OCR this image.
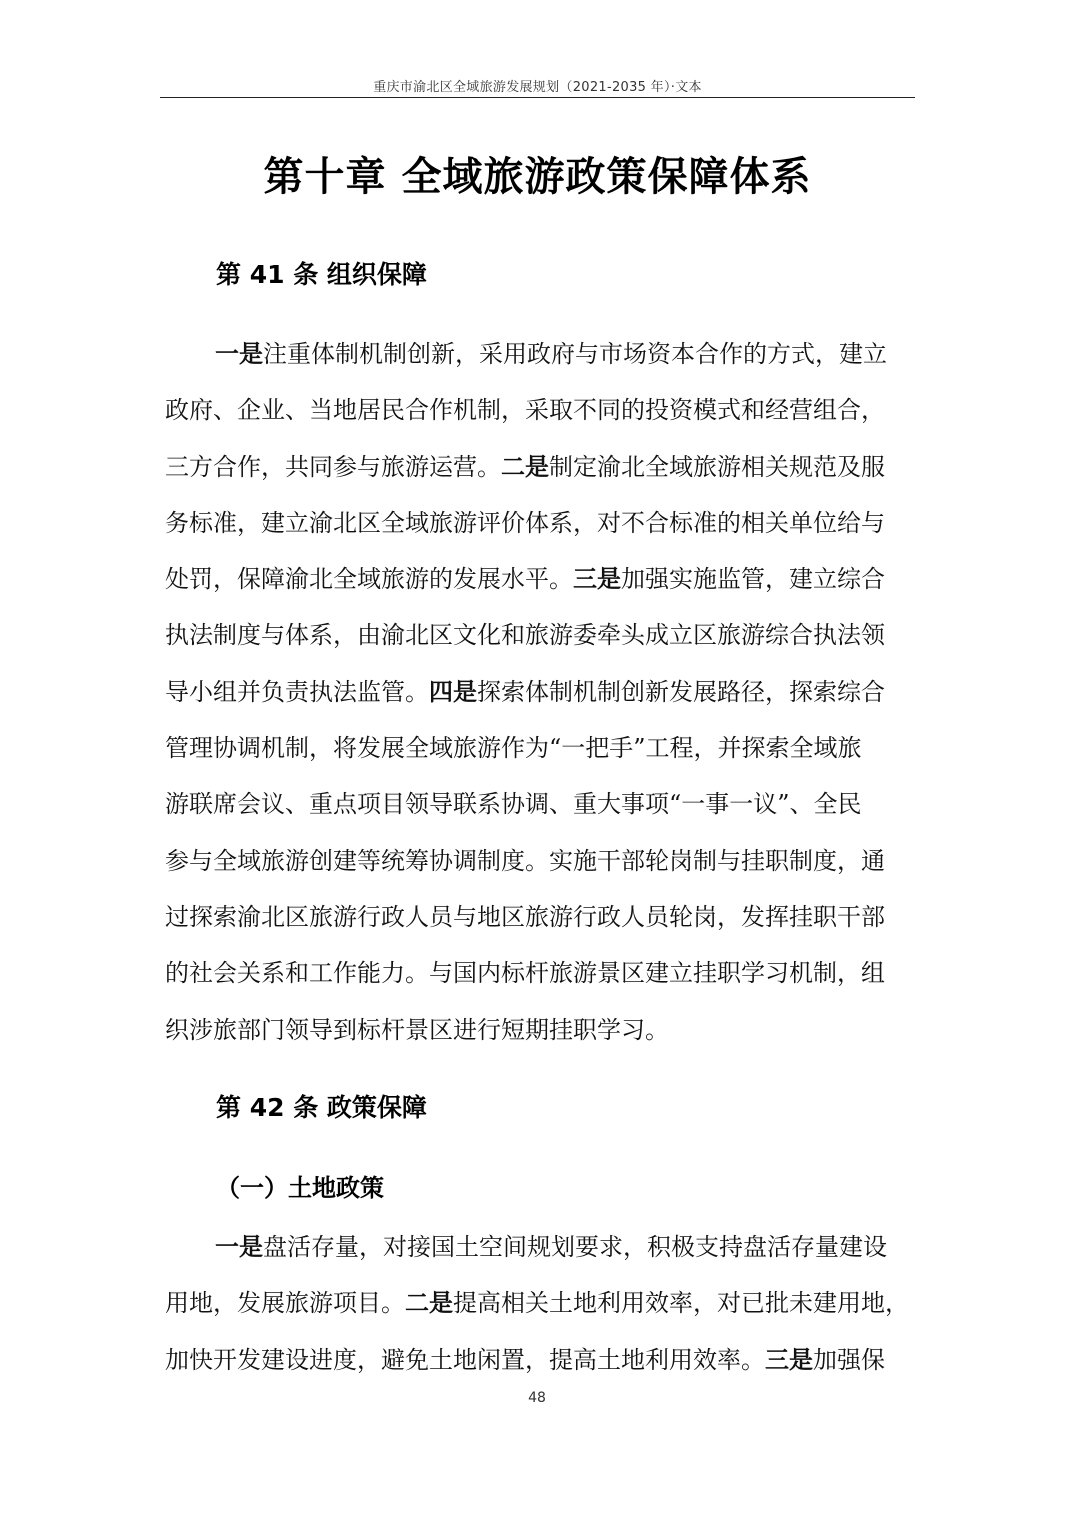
重庆市渝北区全域旅游发展规划（2021-2035 年）·文本
第十章 全域旅游政策保障体系
第 41 条 组织保障
一是注重体制机制创新，采用政府与市场资本合作的方式，建立
政府、企业、当地居民合作机制，采取不同的投资模式和经营组合，
三方合作，共同参与旅游运营。二是制定渝北全域旅游相关规范及服
务标准，建立渝北区全域旅游评价体系，对不合标准的相关单位给与
处罚，保障渝北全域旅游的发展水平。三是加强实施监管，建立综合
执法制度与体系，由渝北区文化和旅游委牵头成立区旅游综合执法领
导小组并负责执法监管。四是探索体制机制创新发展路径，探索综合
管理协调机制，将发展全域旅游作为“一把手”工程，并探索全域旅
游联席会议、重点项目领导联系协调、重大事项“一事一议”、全民
参与全域旅游创建等统筹协调制度。实施干部轮岗制与挂职制度，通
过探索渝北区旅游行政人员与地区旅游行政人员轮岗，发挥挂职干部
的社会关系和工作能力。与国内标杆旅游景区建立挂职学习机制，组
织涉旅部门领导到标杆景区进行短期挂职学习。
第 42 条 政策保障
（一）土地政策
一是盘活存量，对接国土空间规划要求，积极支持盘活存量建设
用地，发展旅游项目。二是提高相关土地利用效率，对已批未建用地，
加快开发建设进度，避免土地闲置，提高土地利用效率。三是加强保
48
